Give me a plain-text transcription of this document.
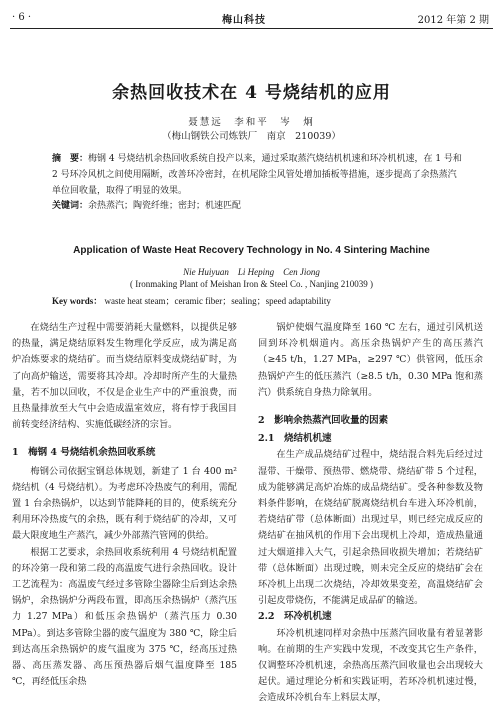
· 6 ·	梅山科技	2012 年第 2 期
余热回收技术在 4 号烧结机的应用
聂慧远　李和平　岑　炯
（梅山钢铁公司炼铁厂　南京　210039）
摘　要：梅钢 4 号烧结机余热回收系统自投产以来，通过采取蒸汽烧结机机速和环冷机机速，在 1 号和 2 号环冷风机之间使用隔断，改善环冷密封，在机尾除尘风管处增加插板等措施，逐步提高了余热蒸汽单位回收量，取得了明显的效果。
关键词：余热蒸汽；陶瓷纤维；密封；机速匹配
Application of Waste Heat Recovery Technology in No. 4 Sintering Machine
Nie Huiyuan　Li Heping　Cen Jiong
( Ironmaking Plant of Meishan Iron & Steel Co. , Nanjing 210039 )
Key words： waste heat steam；ceramic fiber；sealing；speed adaptability

在烧结生产过程中需要消耗大量燃料，以提供足够的热量，满足烧结原料发生物理化学反应，成为满足高炉冶炼要求的烧结矿。而当烧结原料变成烧结矿时，为了向高炉输送，需要将其冷却。冷却时所产生的大量热量，若不加以回收，不仅是企业生产中的严重浪费，而且热量排放至大气中会造成温室效应，将有悖于我国目前转变经济结构、实施低碳经济的宗旨。

1　梅钢 4 号烧结机余热回收系统

梅钢公司依据宝钢总体规划，新建了 1 台 400 m² 烧结机（4 号烧结机）。为考虑环冷热废气的利用，需配置 1 台余热锅炉，以达到节能降耗的目的，使系统充分利用环冷热废气的余热，既有利于烧结矿的冷却，又可最大限度地生产蒸汽，减少外部蒸汽管网的供给。

根据工艺要求，余热回收系统利用 4 号烧结机配置的环冷第一段和第二段的高温废气进行余热回收。设计工艺流程为：高温废气经过多管除尘器除尘后到达余热锅炉，余热锅炉分两段布置，即高压余热锅炉（蒸汽压力 1.27 MPa）和低压余热锅炉（蒸汽压力 0.30 MPa）。到达多管除尘器的废气温度为 380 ℃，除尘后到达高压余热锅炉的废气温度为 375 ℃，经高压过热器、高压蒸发器、高压预热器后烟气温度降至 185 ℃，再经低压余热

锅炉使烟气温度降至 160 ℃ 左右，通过引风机送回到环冷机烟道内。高压余热锅炉产生的高压蒸汽（≥45 t/h，1.27 MPa，≥297 ℃）供管网，低压余热锅炉产生的低压蒸汽（≥8.5 t/h，0.30 MPa 饱和蒸汽）供系统自身热力除氧用。

2　影响余热蒸汽回收量的因素
2.1　烧结机机速

在生产成品烧结矿过程中，烧结混合料先后经过过湿带、干燥带、预热带、燃烧带、烧结矿带 5 个过程，成为能够满足高炉冶炼的成品烧结矿。受各种参数及物料条件影响，在烧结矿脱离烧结机台车进入环冷机前，若烧结矿带（总体断面）出现过早，则已经完成反应的烧结矿在抽风机的作用下会出现机上冷却，造成热量通过大烟道排入大气，引起余热回收损失增加；若烧结矿带（总体断面）出现过晚，则未完全反应的烧结矿会在环冷机上出现二次烧结，冷却效果变差，高温烧结矿会引起皮带烧伤，不能满足成品矿的输送。

2.2　环冷机机速

环冷机机速同样对余热中压蒸汽回收量有着显著影响。在前期的生产实践中发现，不改变其它生产条件，仅调整环冷机机速，余热高压蒸汽回收量也会出现较大起伏。通过理论分析和实践证明，若环冷机机速过慢，会造成环冷机台车上料层太厚，
